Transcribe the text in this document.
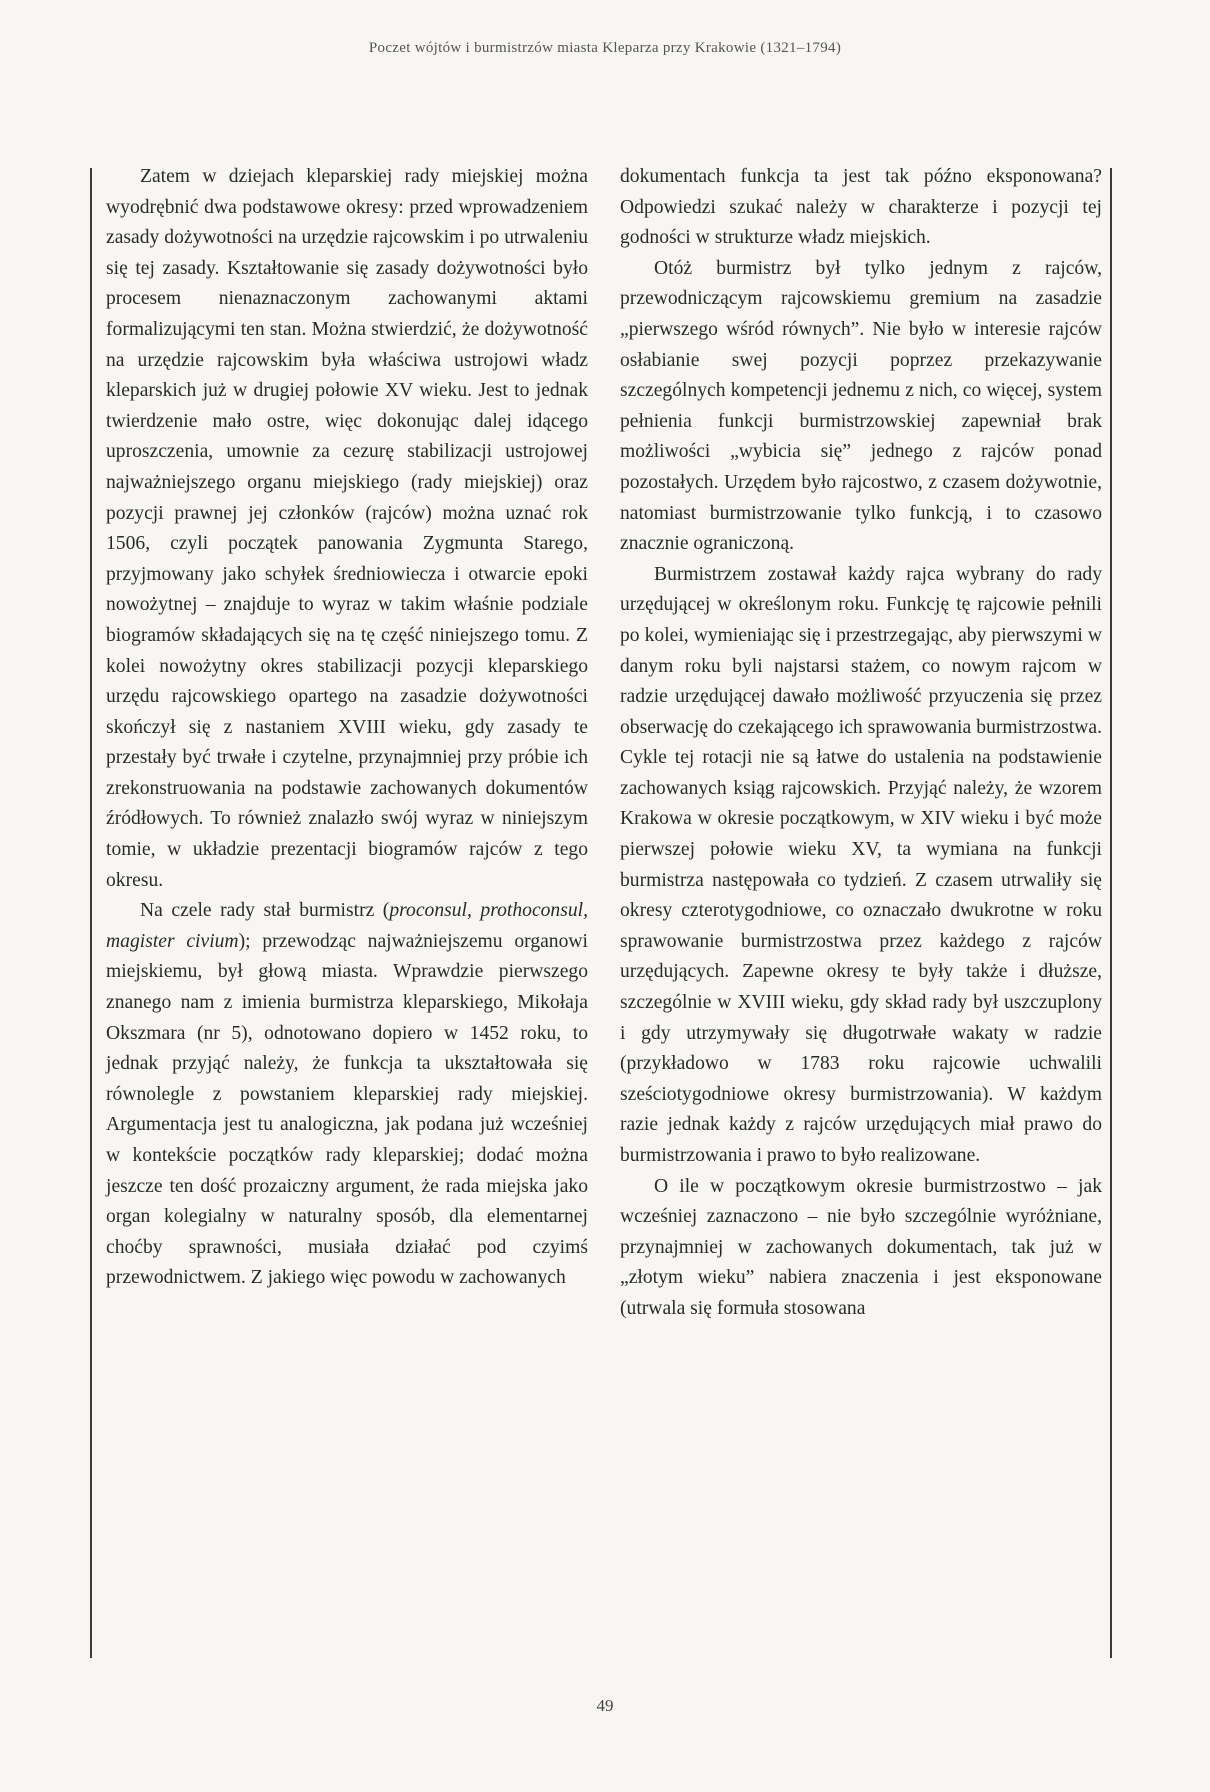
Poczet wójtów i burmistrzów miasta Kleparza przy Krakowie (1321–1794)

Zatem w dziejach kleparskiej rady miejskiej można wyodrębnić dwa podstawowe okresy: przed wprowadzeniem zasady dożywotności na urzędzie rajcowskim i po utrwaleniu się tej zasady. Kształtowanie się zasady dożywotności było procesem nienaznaczonym zachowanymi aktami formalizującymi ten stan. Można stwierdzić, że dożywotność na urzędzie rajcowskim była właściwa ustrojowi władz kleparskich już w drugiej połowie XV wieku. Jest to jednak twierdzenie mało ostre, więc dokonując dalej idącego uproszczenia, umownie za cezurę stabilizacji ustrojowej najważniejszego organu miejskiego (rady miejskiej) oraz pozycji prawnej jej członków (rajców) można uznać rok 1506, czyli początek panowania Zygmunta Starego, przyjmowany jako schyłek średniowiecza i otwarcie epoki nowożytnej – znajduje to wyraz w takim właśnie podziale biogramów składających się na tę część niniejszego tomu. Z kolei nowożytny okres stabilizacji pozycji kleparskiego urzędu rajcowskiego opartego na zasadzie dożywotności skończył się z nastaniem XVIII wieku, gdy zasady te przestały być trwałe i czytelne, przynajmniej przy próbie ich zrekonstruowania na podstawie zachowanych dokumentów źródłowych. To również znalazło swój wyraz w niniejszym tomie, w układzie prezentacji biogramów rajców z tego okresu.

Na czele rady stał burmistrz (proconsul, prothoconsul, magister civium); przewodząc najważniejszemu organowi miejskiemu, był głową miasta. Wprawdzie pierwszego znanego nam z imienia burmistrza kleparskiego, Mikołaja Okszmara (nr 5), odnotowano dopiero w 1452 roku, to jednak przyjąć należy, że funkcja ta ukształtowała się równolegle z powstaniem kleparskiej rady miejskiej. Argumentacja jest tu analogiczna, jak podana już wcześniej w kontekście początków rady kleparskiej; dodać można jeszcze ten dość prozaiczny argument, że rada miejska jako organ kolegialny w naturalny sposób, dla elementarnej choćby sprawności, musiała działać pod czyimś przewodnictwem. Z jakiego więc powodu w zachowanych

dokumentach funkcja ta jest tak późno eksponowana? Odpowiedzi szukać należy w charakterze i pozycji tej godności w strukturze władz miejskich.

Otóż burmistrz był tylko jednym z rajców, przewodniczącym rajcowskiemu gremium na zasadzie „pierwszego wśród równych”. Nie było w interesie rajców osłabianie swej pozycji poprzez przekazywanie szczególnych kompetencji jednemu z nich, co więcej, system pełnienia funkcji burmistrzowskiej zapewniał brak możliwości „wybicia się” jednego z rajców ponad pozostałych. Urzędem było rajcostwo, z czasem dożywotnie, natomiast burmistrzowanie tylko funkcją, i to czasowo znacznie ograniczoną.

Burmistrzem zostawał każdy rajca wybrany do rady urzędującej w określonym roku. Funkcję tę rajcowie pełnili po kolei, wymieniając się i przestrzegając, aby pierwszymi w danym roku byli najstarsi stażem, co nowym rajcom w radzie urzędującej dawało możliwość przyuczenia się przez obserwację do czekającego ich sprawowania burmistrzostwa. Cykle tej rotacji nie są łatwe do ustalenia na podstawienie zachowanych ksiąg rajcowskich. Przyjąć należy, że wzorem Krakowa w okresie początkowym, w XIV wieku i być może pierwszej połowie wieku XV, ta wymiana na funkcji burmistrza następowała co tydzień. Z czasem utrwaliły się okresy czterotygodniowe, co oznaczało dwukrotne w roku sprawowanie burmistrzostwa przez każdego z rajców urzędujących. Zapewne okresy te były także i dłuższe, szczególnie w XVIII wieku, gdy skład rady był uszczuplony i gdy utrzymywały się długotrwałe wakaty w radzie (przykładowo w 1783 roku rajcowie uchwalili sześciotygodniowe okresy burmistrzowania). W każdym razie jednak każdy z rajców urzędujących miał prawo do burmistrzowania i prawo to było realizowane.

O ile w początkowym okresie burmistrzostwo – jak wcześniej zaznaczono – nie było szczególnie wyróżniane, przynajmniej w zachowanych dokumentach, tak już w „złotym wieku” nabiera znaczenia i jest eksponowane (utrwala się formuła stosowana

49
